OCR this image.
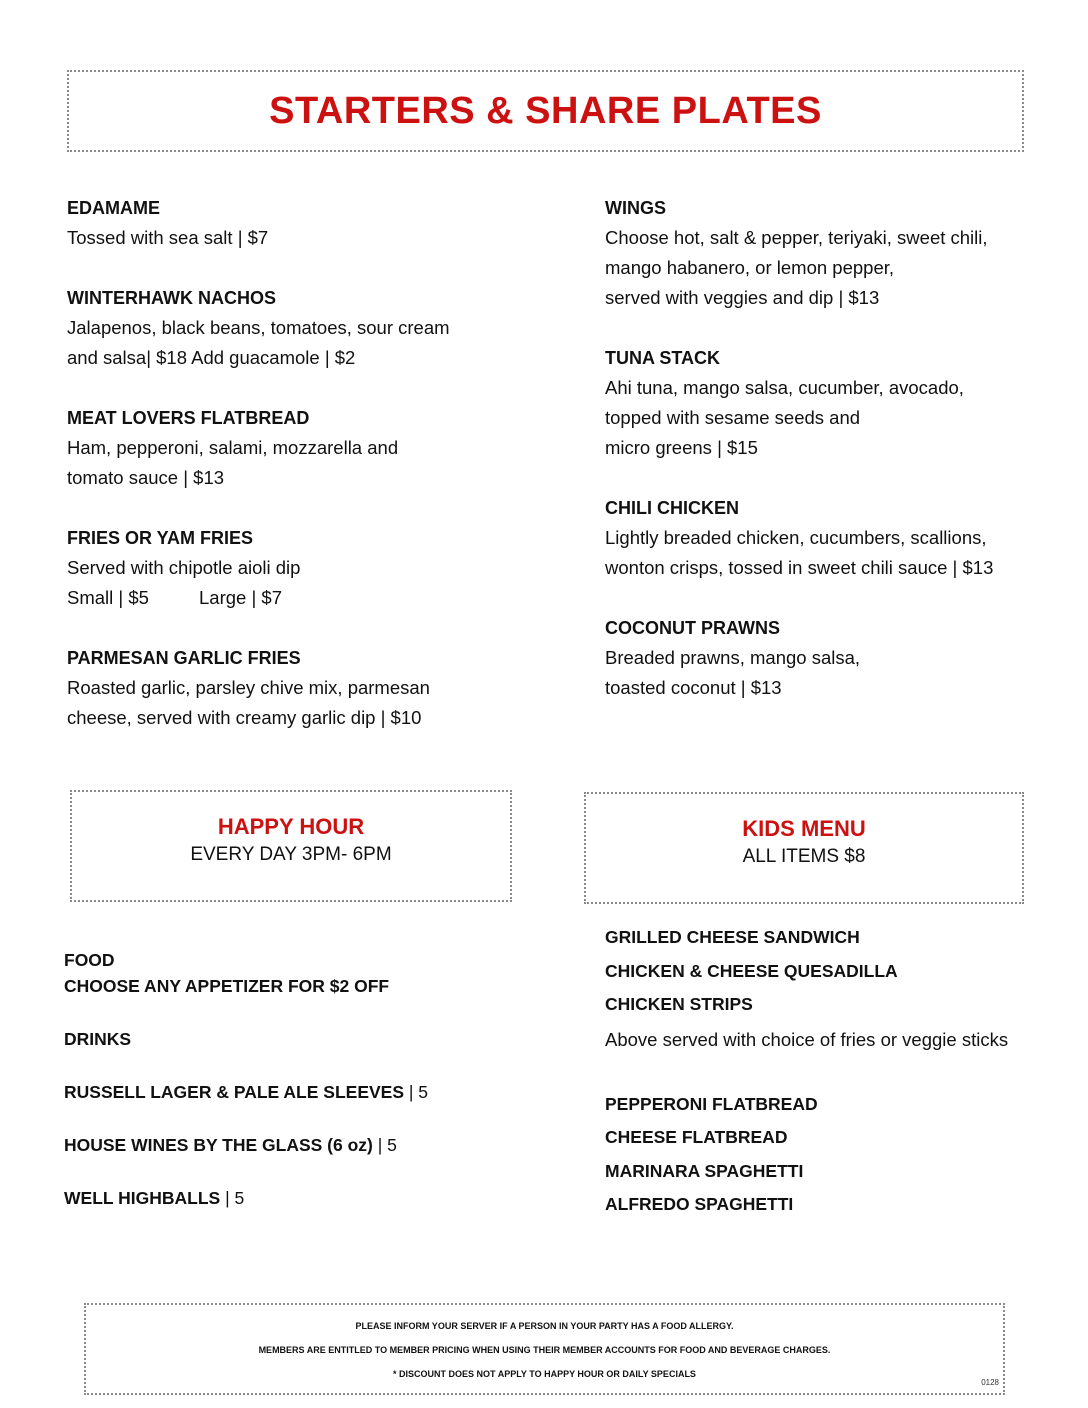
STARTERS & SHARE PLATES
EDAMAME
Tossed with sea salt | $7
WINTERHAWK NACHOS
Jalapenos, black beans, tomatoes, sour cream
and salsa| $18 Add guacamole | $2
MEAT LOVERS FLATBREAD
Ham, pepperoni, salami, mozzarella and
tomato sauce | $13
FRIES OR YAM FRIES
Served with chipotle aioli dip
Small | $5	Large | $7
PARMESAN GARLIC FRIES
Roasted garlic, parsley chive mix, parmesan
cheese, served with creamy garlic dip | $10
WINGS
Choose hot, salt & pepper, teriyaki, sweet chili,
mango habanero, or lemon pepper,
served with veggies and dip | $13
TUNA STACK
Ahi tuna, mango salsa, cucumber, avocado,
topped with sesame seeds and
micro greens | $15
CHILI CHICKEN
Lightly breaded chicken, cucumbers, scallions,
wonton crisps, tossed in sweet chili sauce | $13
COCONUT PRAWNS
Breaded prawns, mango salsa,
toasted coconut | $13
HAPPY HOUR
EVERY DAY 3PM- 6PM
KIDS MENU
ALL ITEMS $8
FOOD
CHOOSE ANY APPETIZER FOR $2 OFF
DRINKS
RUSSELL LAGER & PALE ALE SLEEVES | 5
HOUSE WINES BY THE GLASS (6 oz) | 5
WELL HIGHBALLS | 5
GRILLED CHEESE SANDWICH
CHICKEN & CHEESE QUESADILLA
CHICKEN STRIPS
Above served with choice of fries or veggie sticks
PEPPERONI FLATBREAD
CHEESE FLATBREAD
MARINARA SPAGHETTI
ALFREDO SPAGHETTI
PLEASE INFORM YOUR SERVER IF A PERSON IN YOUR PARTY HAS A FOOD ALLERGY.
MEMBERS ARE ENTITLED TO MEMBER PRICING WHEN USING THEIR MEMBER ACCOUNTS FOR FOOD AND BEVERAGE CHARGES.
* DISCOUNT DOES NOT APPLY TO HAPPY HOUR OR DAILY SPECIALS
0128
